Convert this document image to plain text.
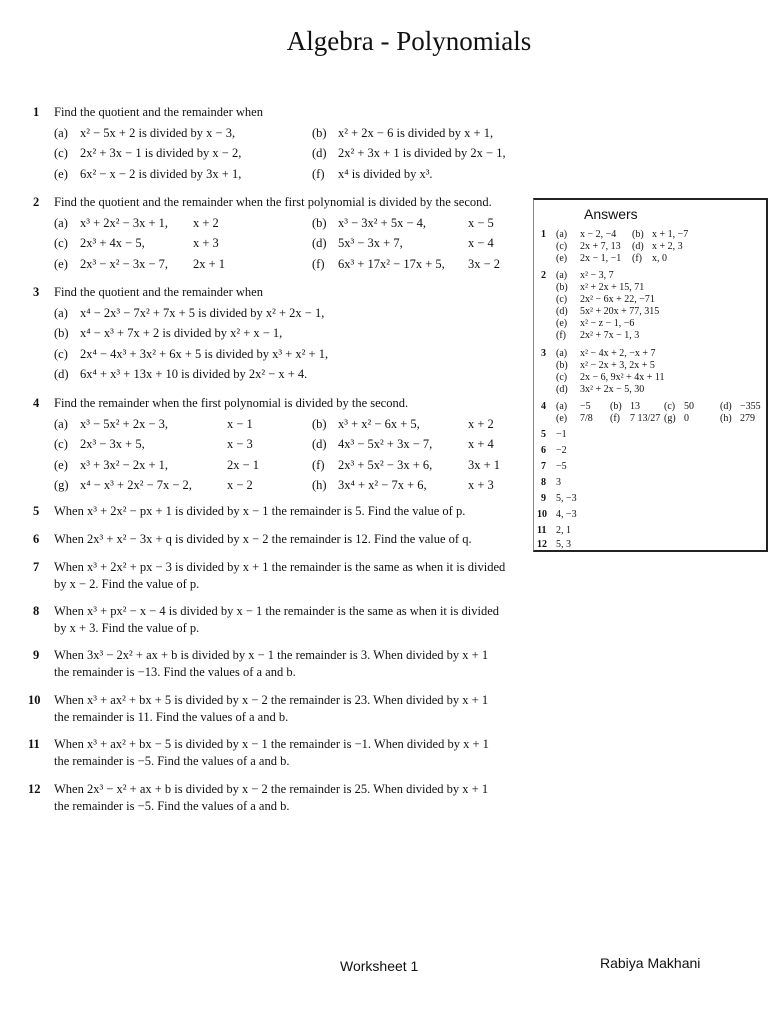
Algebra - Polynomials
1 Find the quotient and the remainder when
(a) x² − 5x + 2 is divided by x − 3,	(b) x² + 2x − 6 is divided by x + 1,
(c) 2x² + 3x − 1 is divided by x − 2,	(d) 2x² + 3x + 1 is divided by 2x − 1,
(e) 6x² − x − 2 is divided by 3x + 1,	(f) x⁴ is divided by x³.
2 Find the quotient and the remainder when the first polynomial is divided by the second.
(a) x³ + 2x² − 3x + 1, x + 2	(b) x³ − 3x² + 5x − 4,	x − 5
(c) 2x³ + 4x − 5,	x + 3	(d) 5x³ − 3x + 7,	x − 4
(e) 2x³ − x² − 3x − 7, 2x + 1	(f) 6x³ + 17x² − 17x + 5, 3x − 2
3 Find the quotient and the remainder when
(a) x⁴ − 2x³ − 7x² + 7x + 5 is divided by x² + 2x − 1,
(b) x⁴ − x³ + 7x + 2 is divided by x² + x − 1,
(c) 2x⁴ − 4x³ + 3x² + 6x + 5 is divided by x³ + x² + 1,
(d) 6x⁴ + x³ + 13x + 10 is divided by 2x² − x + 4.
4 Find the remainder when the first polynomial is divided by the second.
(a) x³ − 5x² + 2x − 3,	x − 1	(b) x³ + x² − 6x + 5,	x + 2
(c) 2x³ − 3x + 5,	x − 3	(d) 4x³ − 5x² + 3x − 7,	x + 4
(e) x³ + 3x² − 2x + 1,	2x − 1	(f) 2x³ + 5x² − 3x + 6,	3x + 1
(g) x⁴ − x³ + 2x² − 7x − 2,	x − 2	(h) 3x⁴ + x² − 7x + 6,	x + 3
5 When x³ + 2x² − px + 1 is divided by x − 1 the remainder is 5. Find the value of p.
6 When 2x³ + x² − 3x + q is divided by x − 2 the remainder is 12. Find the value of q.
7 When x³ + 2x² + px − 3 is divided by x + 1 the remainder is the same as when it is divided
by x − 2. Find the value of p.
8 When x³ + px² − x − 4 is divided by x − 1 the remainder is the same as when it is divided
by x + 3. Find the value of p.
9 When 3x³ − 2x² + ax + b is divided by x − 1 the remainder is 3. When divided by x + 1
the remainder is −13. Find the values of a and b.
10 When x³ + ax² + bx + 5 is divided by x − 2 the remainder is 23. When divided by x + 1
the remainder is 11. Find the values of a and b.
11 When x³ + ax² + bx − 5 is divided by x − 1 the remainder is −1. When divided by x + 1
the remainder is −5. Find the values of a and b.
12 When 2x³ − x² + ax + b is divided by x − 2 the remainder is 25. When divided by x + 1
the remainder is −5. Find the values of a and b.
Answers
1 (a) x − 2, −4 (b) x + 1, −7
(c) 2x + 7, 13 (d) x + 2, 3
(e) 2x − 1, −1 (f) x, 0
2 (a) x² − 3, 7
(b) x² + 2x + 15, 71
(c) 2x² − 6x + 22, −71
(d) 5x² + 20x + 77, 315
(e) x² − z − 1, −6
(f) 2x² + 7x − 1, 3
3 (a) x² − 4x + 2, −x + 7
(b) x² − 2x + 3, 2x + 5
(c) 2x − 6, 9x² + 4x + 11
(d) 3x² + 2x − 5, 30
4 (a) −5 (b) 13 (c) 50	(d) −355
(e) 7/8 (f) 7 13/27 (g) 0	(h) 279
5 −1
6 −2
7 −5
8 3
9 5, −3
10 4, −3
11 2, 1
12 5, 3
Worksheet 1	Rabiya Makhani
